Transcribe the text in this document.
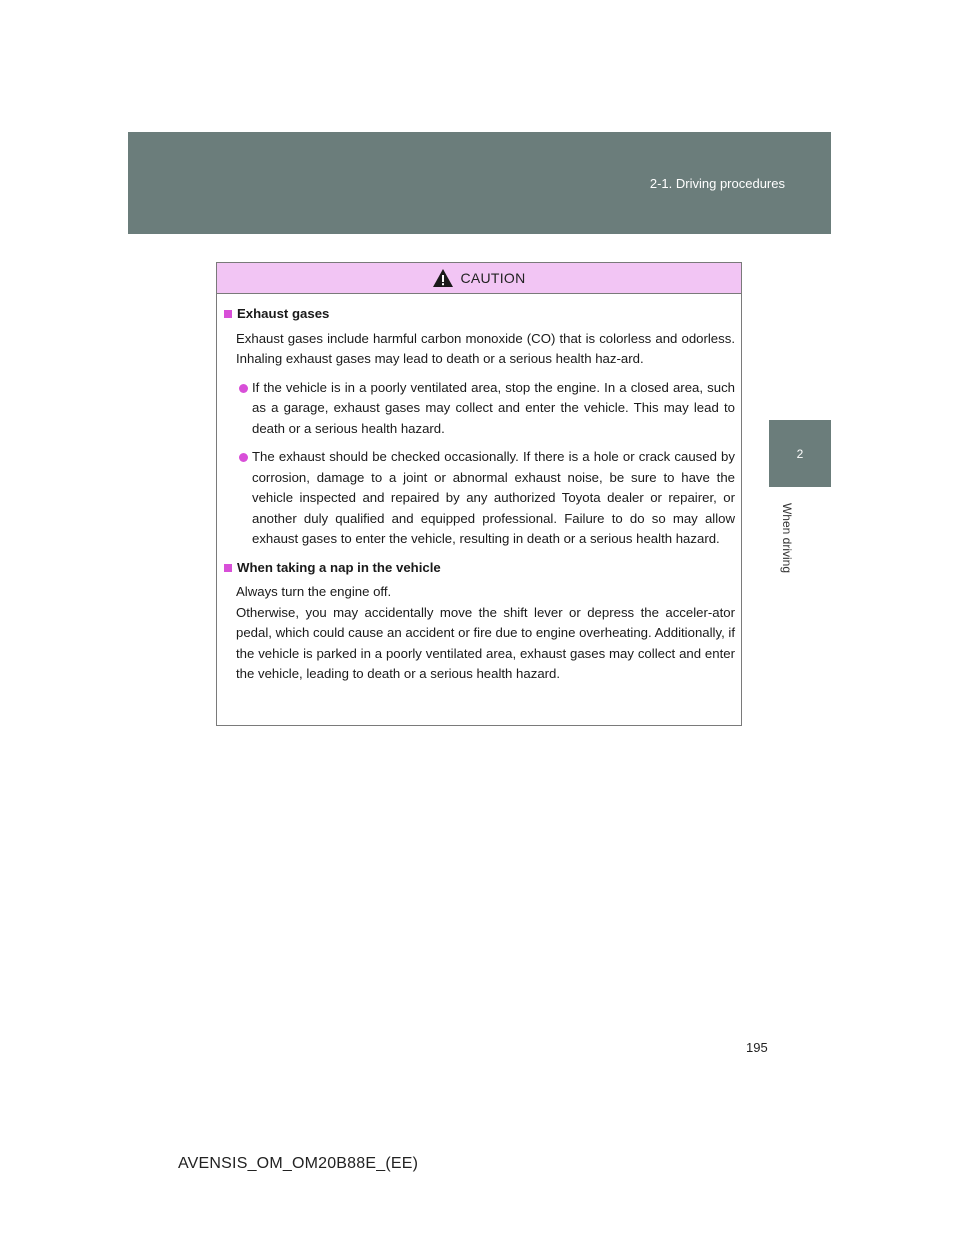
2-1. Driving procedures
2
When driving
CAUTION
Exhaust gases
Exhaust gases include harmful carbon monoxide (CO) that is colorless and odorless. Inhaling exhaust gases may lead to death or a serious health haz-ard.
If the vehicle is in a poorly ventilated area, stop the engine. In a closed area, such as a garage, exhaust gases may collect and enter the vehicle. This may lead to death or a serious health hazard.
The exhaust should be checked occasionally. If there is a hole or crack caused by corrosion, damage to a joint or abnormal exhaust noise, be sure to have the vehicle inspected and repaired by any authorized Toyota dealer or repairer, or another duly qualified and equipped professional. Failure to do so may allow exhaust gases to enter the vehicle, resulting in death or a serious health hazard.
When taking a nap in the vehicle
Always turn the engine off.
Otherwise, you may accidentally move the shift lever or depress the acceler-ator pedal, which could cause an accident or fire due to engine overheating. Additionally, if the vehicle is parked in a poorly ventilated area, exhaust gases may collect and enter the vehicle, leading to death or a serious health hazard.
195
AVENSIS_OM_OM20B88E_(EE)
